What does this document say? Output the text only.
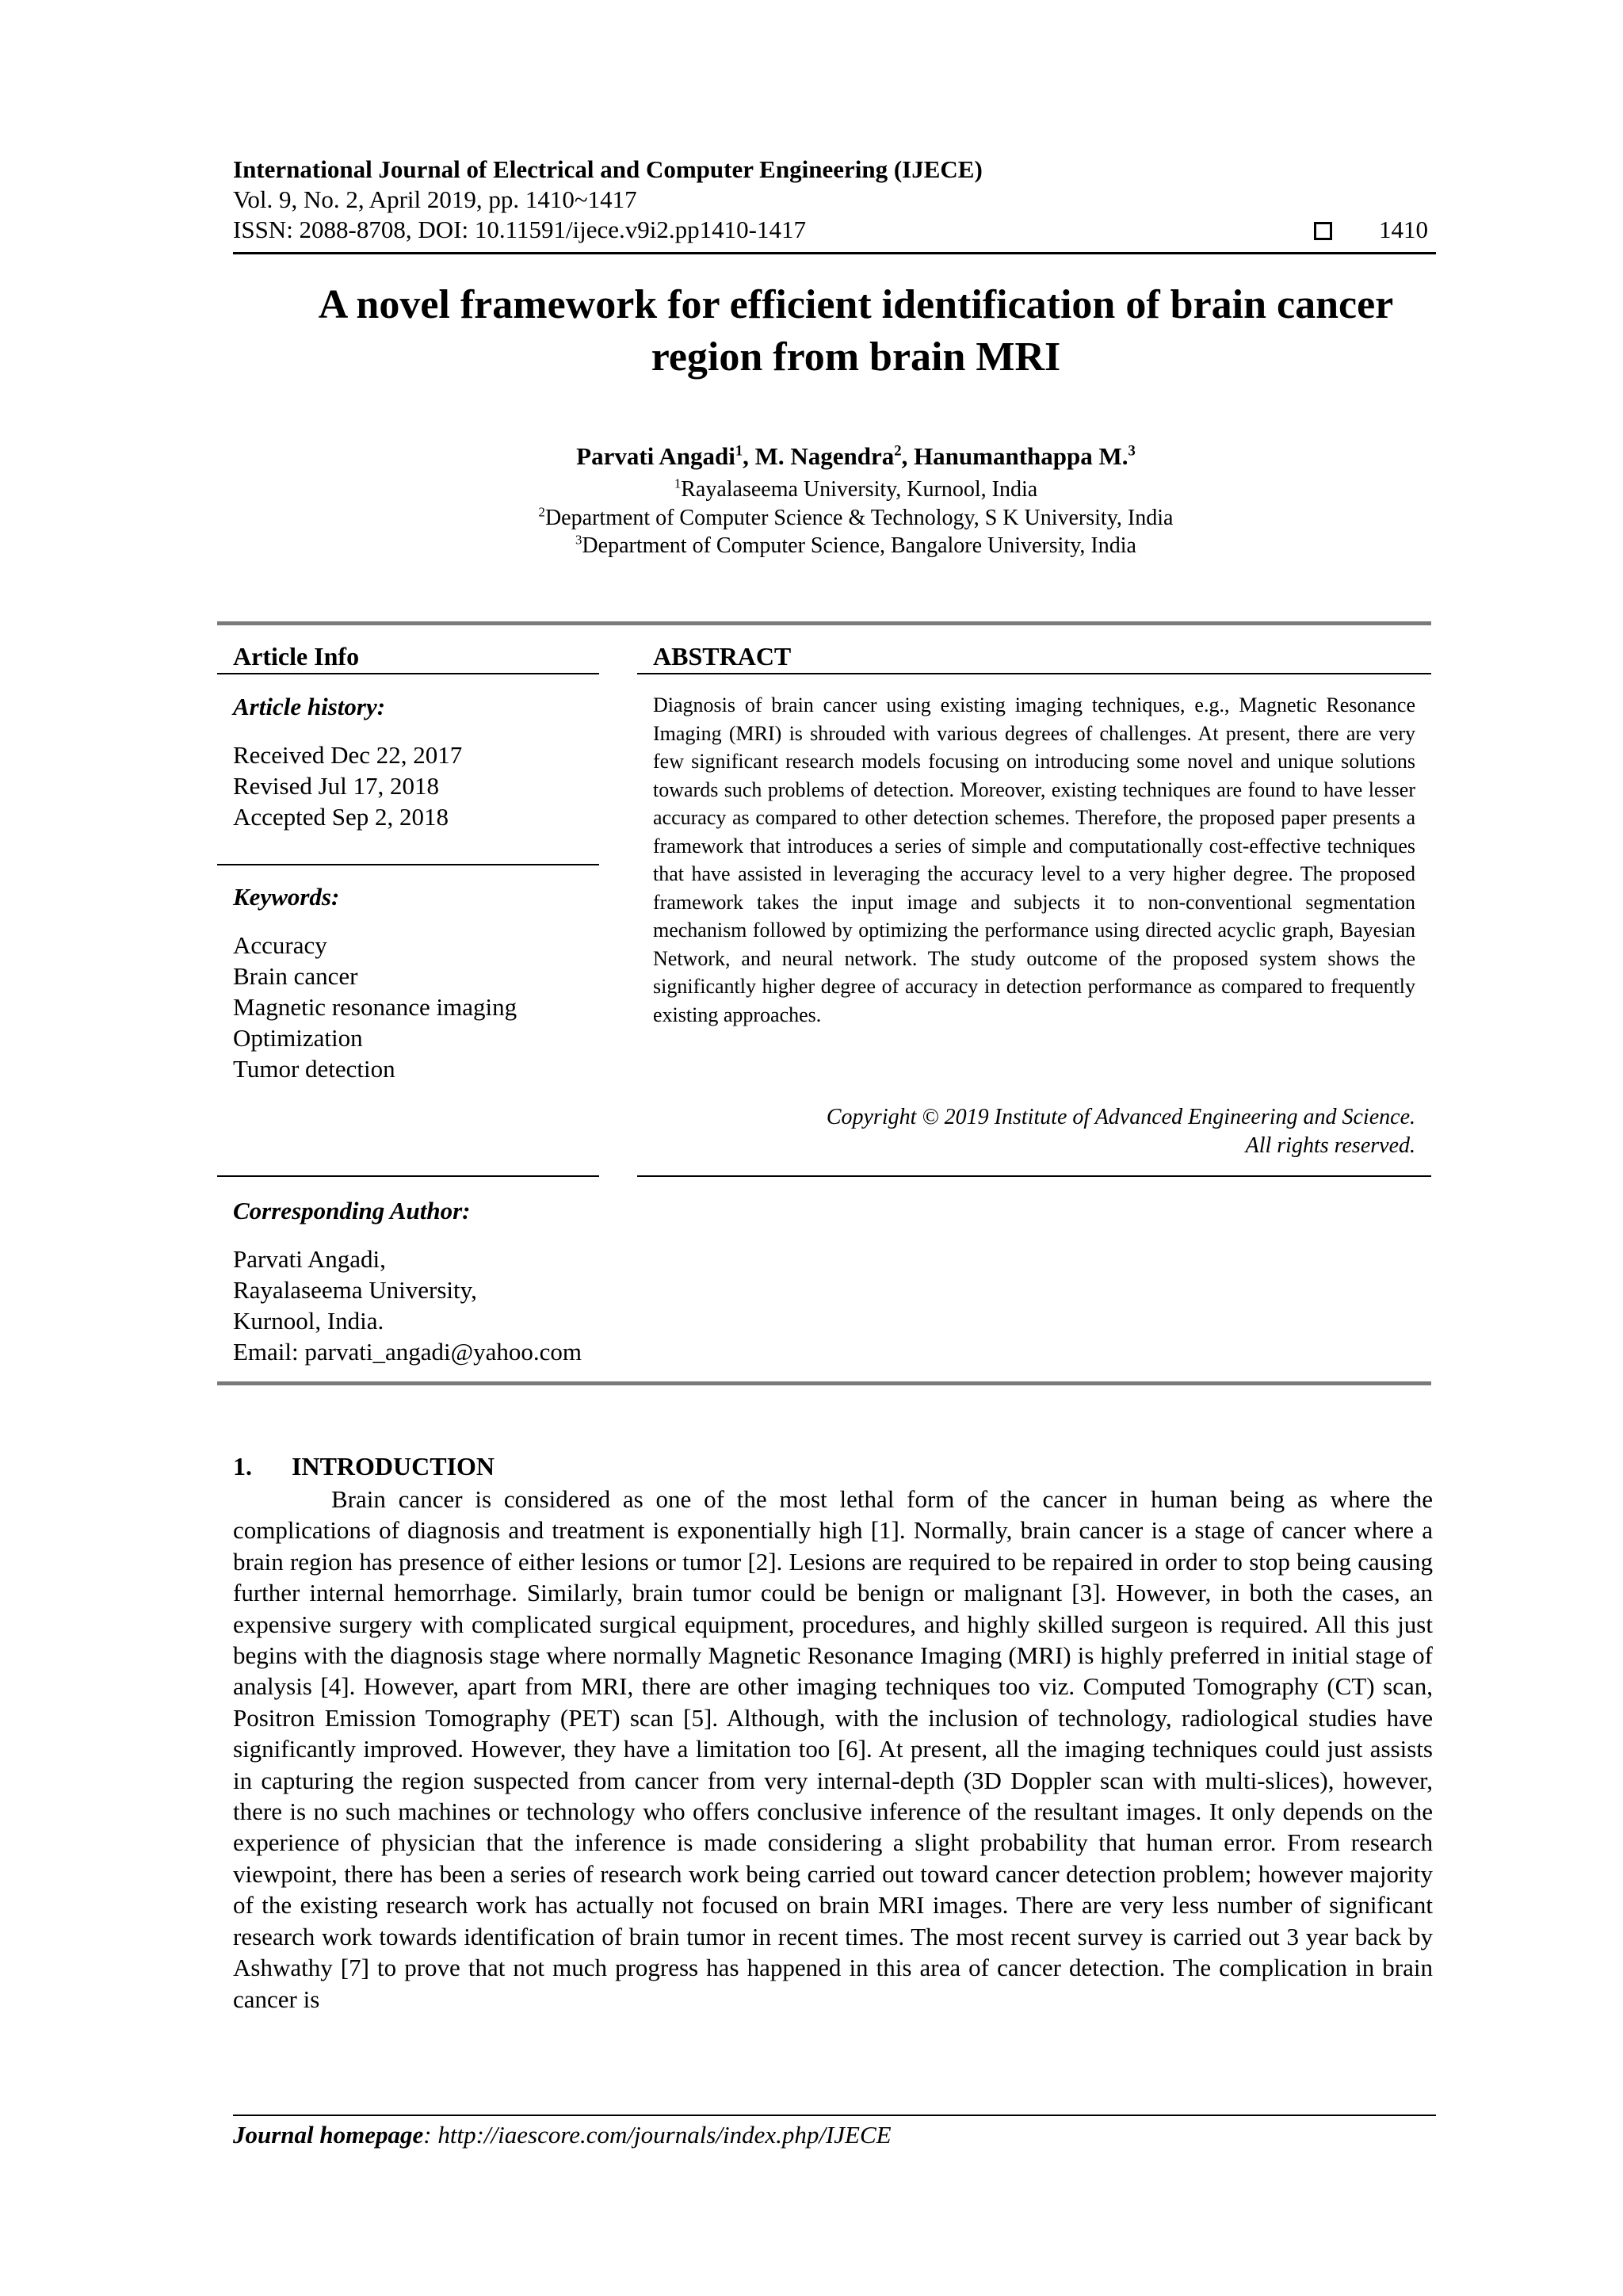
International Journal of Electrical and Computer Engineering (IJECE)
Vol. 9, No. 2, April 2019, pp. 1410~1417
ISSN: 2088-8708, DOI: 10.11591/ijece.v9i2.pp1410-1417	1410
A novel framework for efficient identification of brain cancer
region from brain MRI
Parvati Angadi$^1$, M. Nagendra$^2$, Hanumanthappa M.$^3$
$^1$Rayalaseema University, Kurnool, India
$^2$Department of Computer Science & Technology, S K University, India
$^3$Department of Computer Science, Bangalore University, India
Article Info
Article history:
Received Dec 22, 2017
Revised Jul 17, 2018
Accepted Sep 2, 2018
Keywords:
Accuracy
Brain cancer
Magnetic resonance imaging
Optimization
Tumor detection
Corresponding Author:
Parvati Angadi,
Rayalaseema University,
Kurnool, India.
Email: parvati_angadi@yahoo.com
ABSTRACT

Diagnosis of brain cancer using existing imaging techniques, e.g., Magnetic Resonance Imaging (MRI) is shrouded with various degrees of challenges. At present, there are very few significant research models focusing on introducing some novel and unique solutions towards such problems of detection. Moreover, existing techniques are found to have lesser accuracy as compared to other detection schemes. Therefore, the proposed paper presents a framework that introduces a series of simple and computationally cost-effective techniques that have assisted in leveraging the accuracy level to a very higher degree. The proposed framework takes the input image and subjects it to non-conventional segmentation mechanism followed by optimizing the performance using directed acyclic graph, Bayesian Network, and neural network. The study outcome of the proposed system shows the significantly higher degree of accuracy in detection performance as compared to frequently existing approaches.

Copyright © 2019 Institute of Advanced Engineering and Science.
All rights reserved.
1. INTRODUCTION

Brain cancer is considered as one of the most lethal form of the cancer in human being as where the complications of diagnosis and treatment is exponentially high [1]. Normally, brain cancer is a stage of cancer where a brain region has presence of either lesions or tumor [2]. Lesions are required to be repaired in order to stop being causing further internal hemorrhage. Similarly, brain tumor could be benign or malignant [3]. However, in both the cases, an expensive surgery with complicated surgical equipment, procedures, and highly skilled surgeon is required. All this just begins with the diagnosis stage where normally Magnetic Resonance Imaging (MRI) is highly preferred in initial stage of analysis [4]. However, apart from MRI, there are other imaging techniques too viz. Computed Tomography (CT) scan, Positron Emission Tomography (PET) scan [5]. Although, with the inclusion of technology, radiological studies have significantly improved. However, they have a limitation too [6]. At present, all the imaging techniques could just assists in capturing the region suspected from cancer from very internal-depth (3D Doppler scan with multi-slices), however, there is no such machines or technology who offers conclusive inference of the resultant images. It only depends on the experience of physician that the inference is made considering a slight probability that human error. From research viewpoint, there has been a series of research work being carried out toward cancer detection problem; however majority of the existing research work has actually not focused on brain MRI images. There are very less number of significant research work towards identification of brain tumor in recent times. The most recent survey is carried out 3 year back by Ashwathy [7] to prove that not much progress has happened in this area of cancer detection. The complication in brain cancer is

Journal homepage: http://iaescore.com/journals/index.php/IJECE
